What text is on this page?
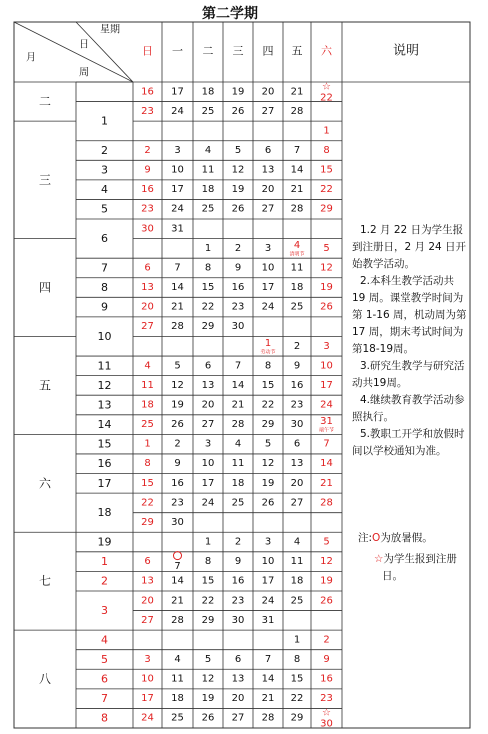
第二学期
星期
日
周
月
日 一 二 三 四 五 六	说明
二
三
四
五
六
七
八
1
2
3
4
5
6
7
8
9
10
11
12
13
14
15
16
17
18
19
1
2
3
4
5
6
7
8
16 17 18 19 20 21 ☆
22
23 24 25 26 27 28
1
2 3 4 5 6 7 8
9 10 11 12 13 14 15
16 17 18 19 20 21 22
23 24 25 26 27 28 29
30 31
1 2 3 4
清明节
5
6 7 8 9 10 11 12
13 14 15 16 17 18 19
20 21 22 23 24 25 26
27 28 29 30
1
劳动节
2 3
4 5 6 7 8 9 10
11 12 13 14 15 16 17
18 19 20 21 22 23 24
25 26 27 28 29 30 31
端午节
1 2 3 4 5 6 7
8 9 10 11 12 13 14
15 16 17 18 19 20 21
22 23 24 25 26 27 28
29 30
1 2 3 4 5
6 7 8 9 10 11 12
13 14 15 16 17 18 19
20 21 22 23 24 25 26
27 28 29 30 31
1 2
3 4 5 6 7 8 9
10 11 12 13 14 15 16
17 18 19 20 21 22 23
24 25 26 27 28 29 ☆
30

1.2 月 22 日为学生报到注册日，2 月 24 日开始教学活动。

2.本科生教学活动共 19 周。课堂教学时间为第 1-16 周，机动周为第 17 周，期末考试时间为第18-19周。

3.研究生教学与研究活动共19周。

4.继续教育教学活动参照执行。

5.教职工开学和放假时间以学校通知为准。

注:O为放暑假。

☆为学生报到注册日。
